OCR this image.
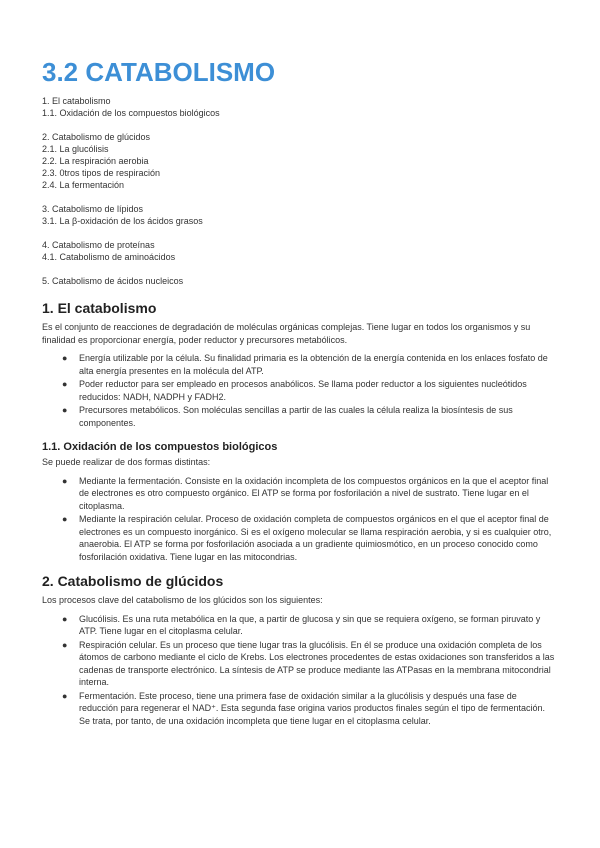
3.2 CATABOLISMO
1. El catabolismo
1.1. Oxidación de los compuestos biológicos
2. Catabolismo de glúcidos
2.1. La glucólisis
2.2. La respiración aerobia
2.3. 0tros tipos de respiración
2.4. La fermentación
3. Catabolismo de lípidos
3.1. La β-oxidación de los ácidos grasos
4. Catabolismo de proteínas
4.1. Catabolismo de aminoácidos
5. Catabolismo de ácidos nucleicos
1. El catabolismo

Es el conjunto de reacciones de degradación de moléculas orgánicas complejas. Tiene lugar en todos los organismos y su finalidad es proporcionar energía, poder reductor y precursores metabólicos.

● Energía utilizable por la célula. Su finalidad primaria es la obtención de la energía contenida en los enlaces fosfato de alta energía presentes en la molécula del ATP.
● Poder reductor para ser empleado en procesos anabólicos. Se llama poder reductor a los siguientes nucleótidos reducidos: NADH, NADPH y FADH2.
● Precursores metabólicos. Son moléculas sencillas a partir de las cuales la célula realiza la biosíntesis de sus componentes.
1.1. Oxidación de los compuestos biológicos

Se puede realizar de dos formas distintas:

● Mediante la fermentación. Consiste en la oxidación incompleta de los compuestos orgánicos en la que el aceptor final de electrones es otro compuesto orgánico. El ATP se forma por fosforilación a nivel de sustrato. Tiene lugar en el citoplasma.
● Mediante la respiración celular. Proceso de oxidación completa de compuestos orgánicos en el que el aceptor final de electrones es un compuesto inorgánico. Si es el oxígeno molecular se llama respiración aerobia, y si es cualquier otro, anaerobia. El ATP se forma por fosforilación asociada a un gradiente quimiosmótico, en un proceso conocido como fosforilación oxidativa. Tiene lugar en las mitocondrias.
2. Catabolismo de glúcidos

Los procesos clave del catabolismo de los glúcidos son los siguientes:

● Glucólisis. Es una ruta metabólica en la que, a partir de glucosa y sin que se requiera oxígeno, se forman piruvato y ATP. Tiene lugar en el citoplasma celular.
● Respiración celular. Es un proceso que tiene lugar tras la glucólisis. En él se produce una oxidación completa de los átomos de carbono mediante el ciclo de Krebs. Los electrones procedentes de estas oxidaciones son transferidos a las cadenas de transporte electrónico. La síntesis de ATP se produce mediante las ATPasas en la membrana mitocondrial interna.
● Fermentación. Este proceso, tiene una primera fase de oxidación similar a la glucólisis y después una fase de reducción para regenerar el NAD⁺. Esta segunda fase origina varios productos finales según el tipo de fermentación. Se trata, por tanto, de una oxidación incompleta que tiene lugar en el citoplasma celular.
